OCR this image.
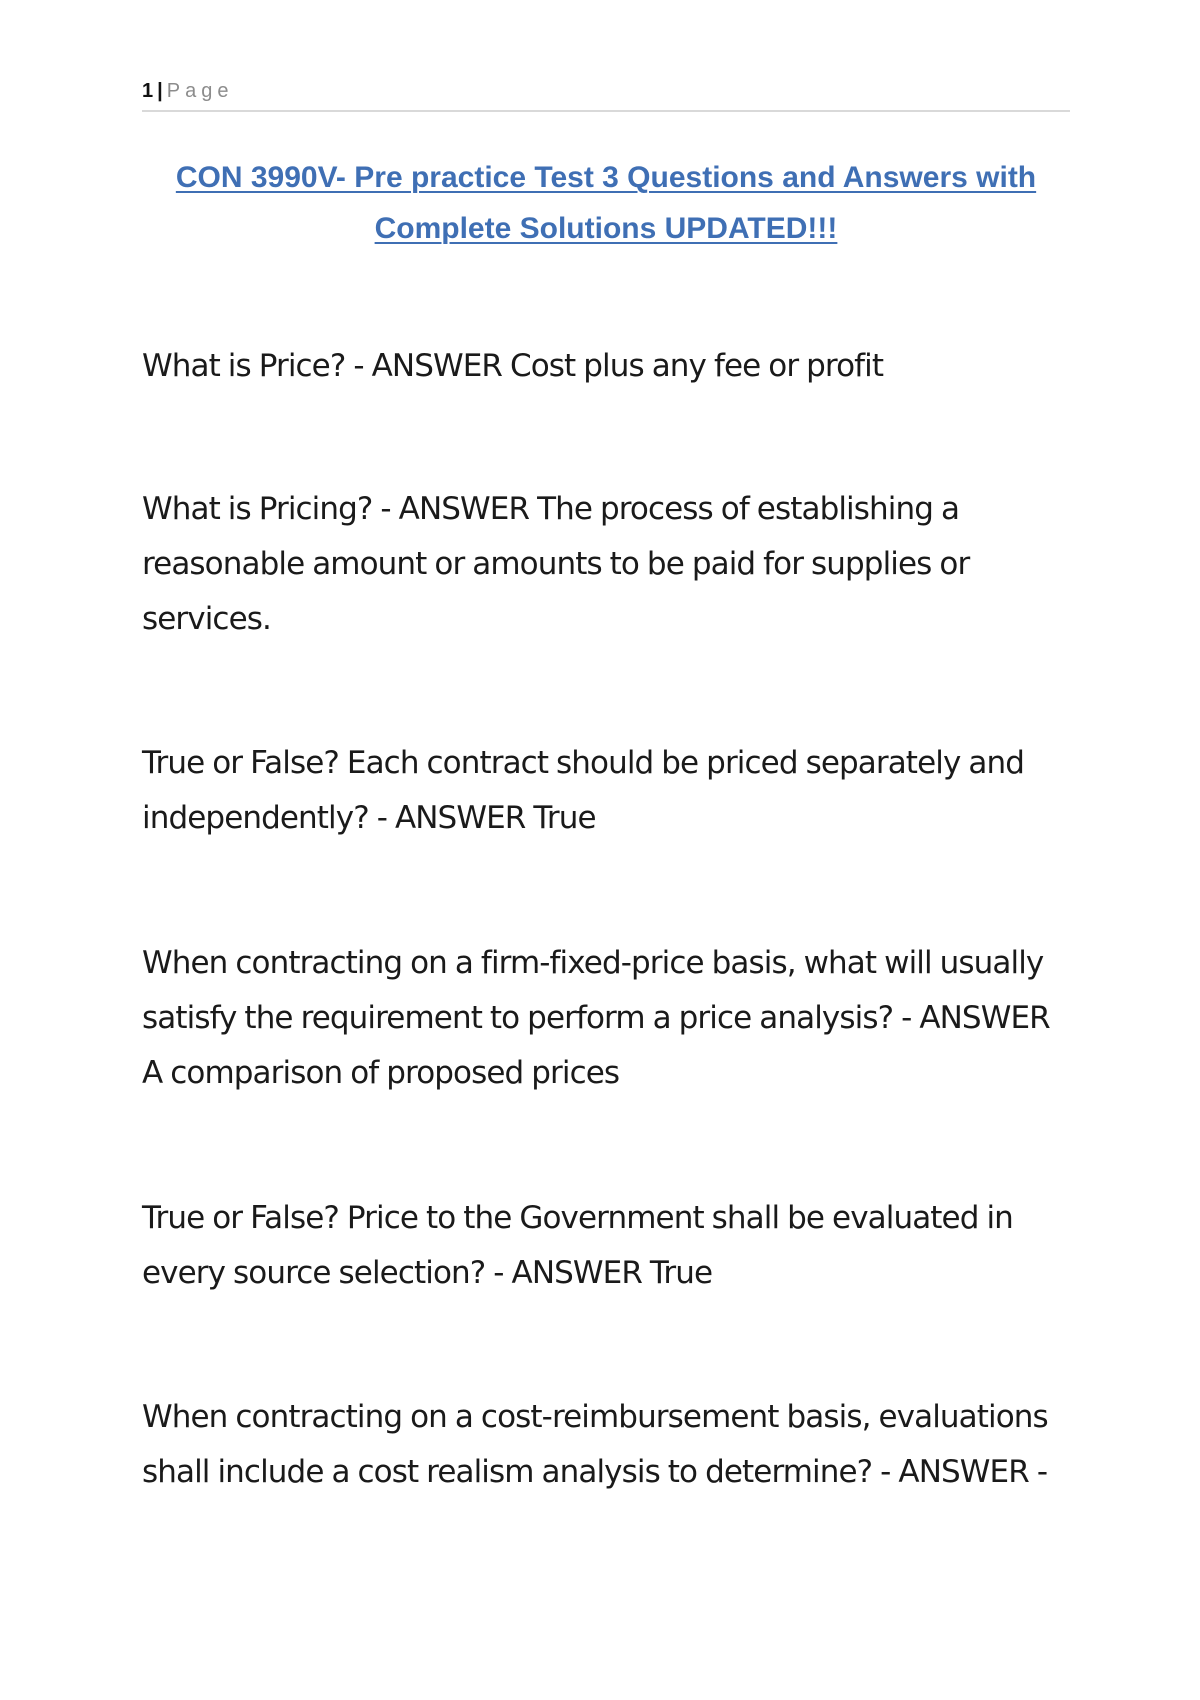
1 | Page
CON 3990V- Pre practice Test 3 Questions and Answers with Complete Solutions UPDATED!!!

What is Price? - ANSWER Cost plus any fee or profit

What is Pricing? - ANSWER The process of establishing a reasonable amount or amounts to be paid for supplies or services.

True or False? Each contract should be priced separately and independently? - ANSWER True

When contracting on a firm-fixed-price basis, what will usually satisfy the requirement to perform a price analysis? - ANSWER A comparison of proposed prices

True or False? Price to the Government shall be evaluated in every source selection? - ANSWER True

When contracting on a cost-reimbursement basis, evaluations shall include a cost realism analysis to determine? - ANSWER -
